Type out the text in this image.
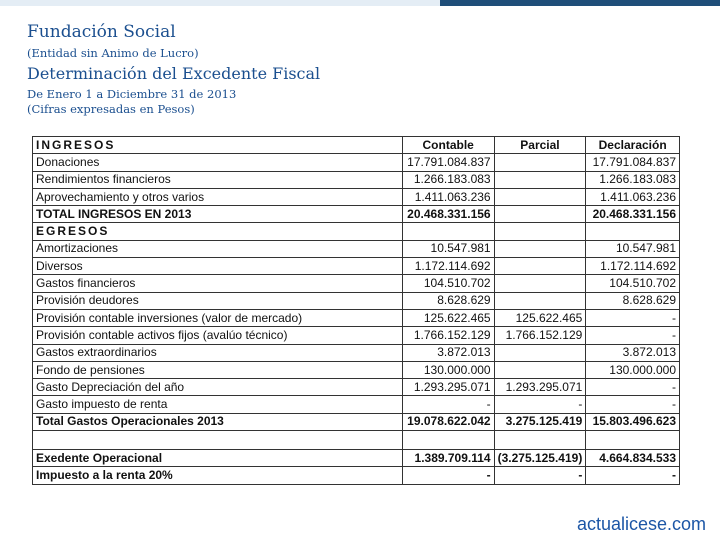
Fundación Social
(Entidad sin Animo de Lucro)
Determinación del Excedente Fiscal
De Enero 1 a Diciembre 31 de 2013
(Cifras expresadas en Pesos)
INGRESOS	Contable	Parcial	Declaración
Donaciones	17.791.084.837		17.791.084.837
Rendimientos financieros	1.266.183.083		1.266.183.083
Aprovechamiento y otros varios	1.411.063.236		1.411.063.236
TOTAL INGRESOS EN 2013	20.468.331.156		20.468.331.156
EGRESOS			
Amortizaciones	10.547.981		10.547.981
Diversos	1.172.114.692		1.172.114.692
Gastos financieros	104.510.702		104.510.702
Provisión deudores	8.628.629		8.628.629
Provisión contable inversiones (valor de mercado)	125.622.465	125.622.465	-
Provisión contable activos fijos (avalúo técnico)	1.766.152.129	1.766.152.129	-
Gastos extraordinarios	3.872.013		3.872.013
Fondo de pensiones	130.000.000		130.000.000
Gasto Depreciación del año	1.293.295.071	1.293.295.071	-
Gasto impuesto de renta	-	-	-
Total Gastos Operacionales 2013	19.078.622.042	3.275.125.419	15.803.496.623

Exedente Operacional	1.389.709.114	(3.275.125.419)	4.664.834.533
Impuesto a la renta 20%	-	-	-
actualicese.com
